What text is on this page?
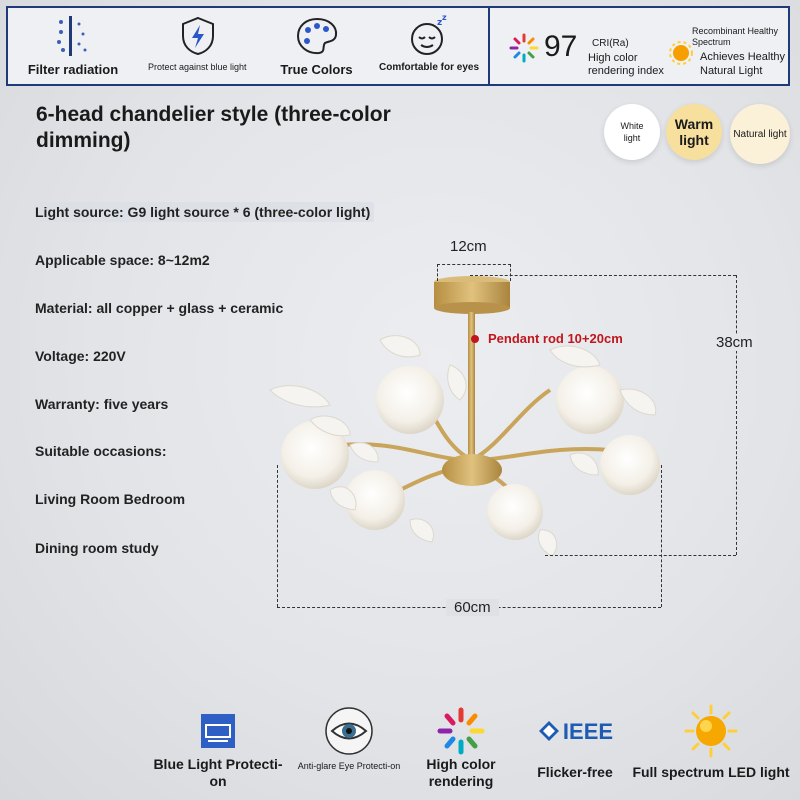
Filter radiation	Protect against blue light	True Colors
z
z
Comfortable for eyes
97 CRI(Ra)
High color rendering index
Recombinant Healthy Spectrum
Achieves Healthy Natural Light
6-head chandelier style (three-color dimming)
White light
Warm light	Natural light
Light source: G9 light source * 6 (three-color light)
Applicable space: 8~12m2
Material: all copper + glass + ceramic
Voltage: 220V
Warranty: five years
Suitable occasions:
Living Room Bedroom
Dining room study
12cm
38cm
60cm
Pendant rod 10+20cm
Blue Light Protecti-on
Anti-glare Eye Protecti-on	High color rendering
IEEE
Flicker-free	Full spectrum LED light
